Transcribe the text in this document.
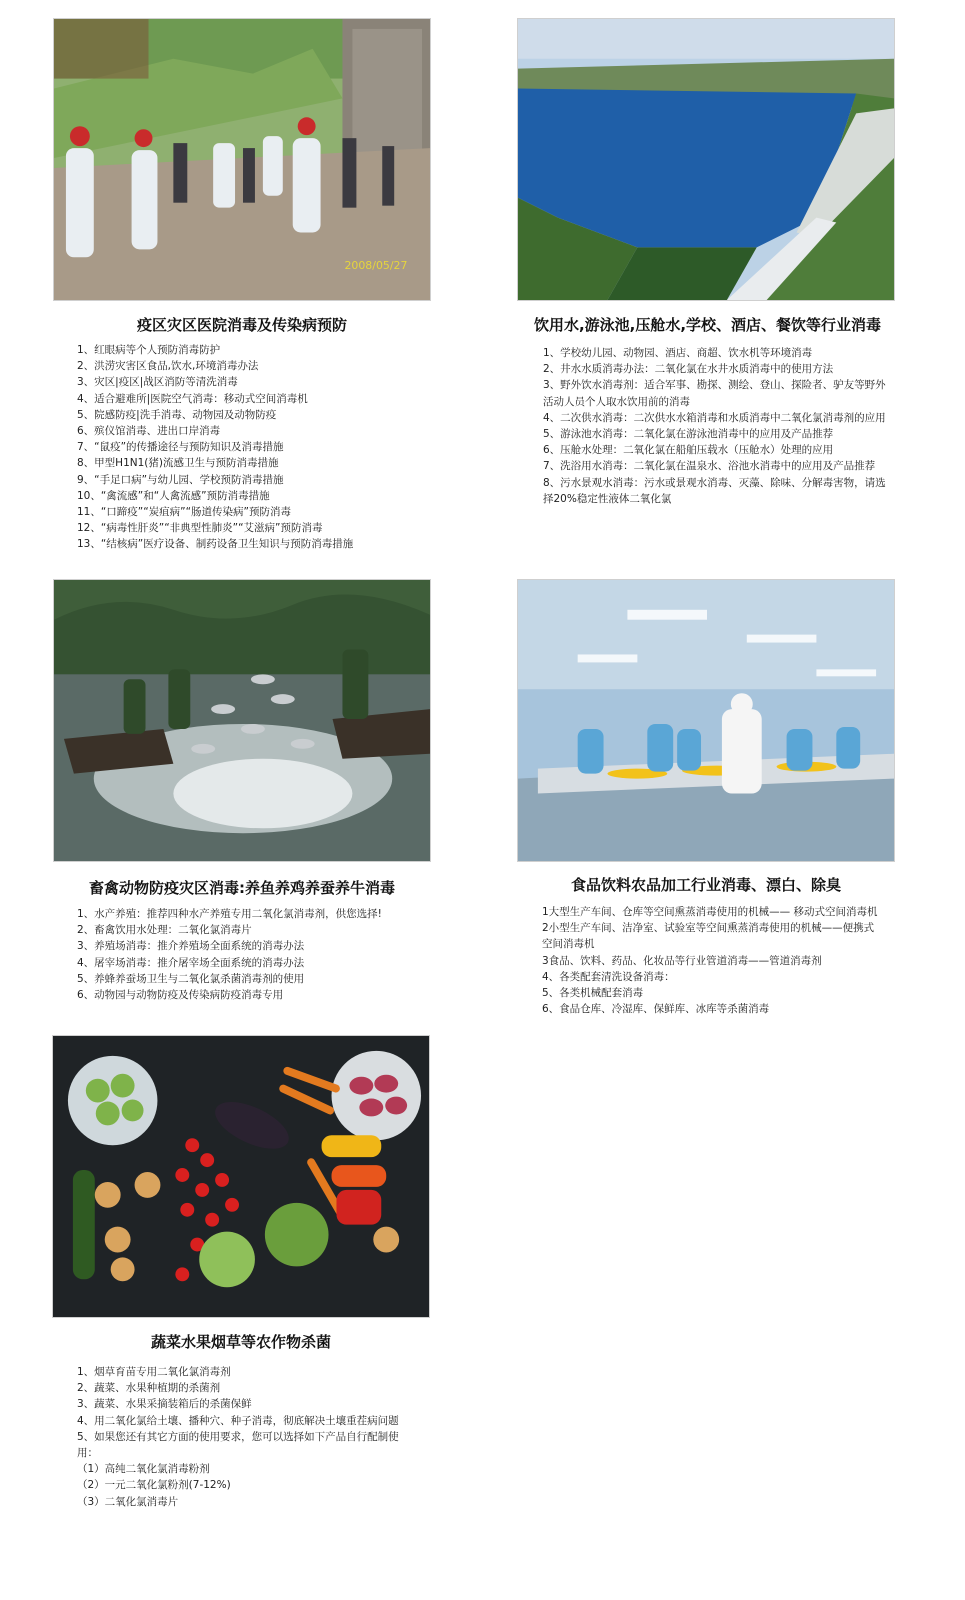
2008/05/27
疫区灾区医院消毒及传染病预防
1、红眼病等个人预防消毒防护
2、洪涝灾害区食品,饮水,环境消毒办法
3、灾区|疫区|战区消防等清洗消毒
4、适合避难所|医院空气消毒：移动式空间消毒机
5、院感防疫|洗手消毒、动物园及动物防疫
6、殡仪馆消毒、进出口岸消毒
7、“鼠疫”的传播途径与预防知识及消毒措施
8、甲型H1N1(猪)流感卫生与预防消毒措施
9、“手足口病”与幼儿园、学校预防消毒措施
10、“禽流感”和“人禽流感”预防消毒措施
11、“口蹄疫”“炭疽病”“肠道传染病”预防消毒
12、“病毒性肝炎”“非典型性肺炎”“艾滋病”预防消毒
13、“结核病”医疗设备、制药设备卫生知识与预防消毒措施
饮用水,游泳池,压舱水,学校、酒店、餐饮等行业消毒
1、学校幼儿园、动物园、酒店、商超、饮水机等环境消毒
2、井水水质消毒办法：二氧化氯在水井水质消毒中的使用方法
3、野外饮水消毒剂：适合军事、勘探、测绘、登山、探险者、驴友等野外活动人员个人取水饮用前的消毒
4、二次供水消毒：二次供水水箱消毒和水质消毒中二氧化氯消毒剂的应用
5、游泳池水消毒：二氧化氯在游泳池消毒中的应用及产品推荐
6、压舱水处理：二氧化氯在船舶压载水（压舱水）处理的应用
7、洗浴用水消毒：二氧化氯在温泉水、浴池水消毒中的应用及产品推荐
8、污水景观水消毒：污水或景观水消毒、灭藻、除味、分解毒害物，请选择20%稳定性液体二氧化氯
畜禽动物防疫灾区消毒:养鱼养鸡养蚕养牛消毒
1、水产养殖：推荐四种水产养殖专用二氧化氯消毒剂，供您选择!
2、畜禽饮用水处理：二氧化氯消毒片
3、养殖场消毒：推介养殖场全面系统的消毒办法
4、屠宰场消毒：推介屠宰场全面系统的消毒办法
5、养蜂养蚕场卫生与二氧化氯杀菌消毒剂的使用
6、动物园与动物防疫及传染病防疫消毒专用
食品饮料农品加工行业消毒、漂白、除臭
1大型生产车间、仓库等空间熏蒸消毒使用的机械—— 移动式空间消毒机
2小型生产车间、洁净室、试验室等空间熏蒸消毒使用的机械——便携式空间消毒机
3食品、饮料、药品、化妆品等行业管道消毒——管道消毒剂
4、各类配套清洗设备消毒：
5、各类机械配套消毒
6、食品仓库、冷湿库、保鲜库、冰库等杀菌消毒
蔬菜水果烟草等农作物杀菌
1、烟草育苗专用二氧化氯消毒剂
2、蔬菜、水果种植期的杀菌剂
3、蔬菜、水果采摘装箱后的杀菌保鲜
4、用二氧化氯给土壤、播种穴、种子消毒，彻底解决土壤重茬病问题
5、如果您还有其它方面的使用要求，您可以选择如下产品自行配制使用：
（1）高纯二氧化氯消毒粉剂
（2）一元二氧化氯粉剂(7-12%)
（3）二氧化氯消毒片
